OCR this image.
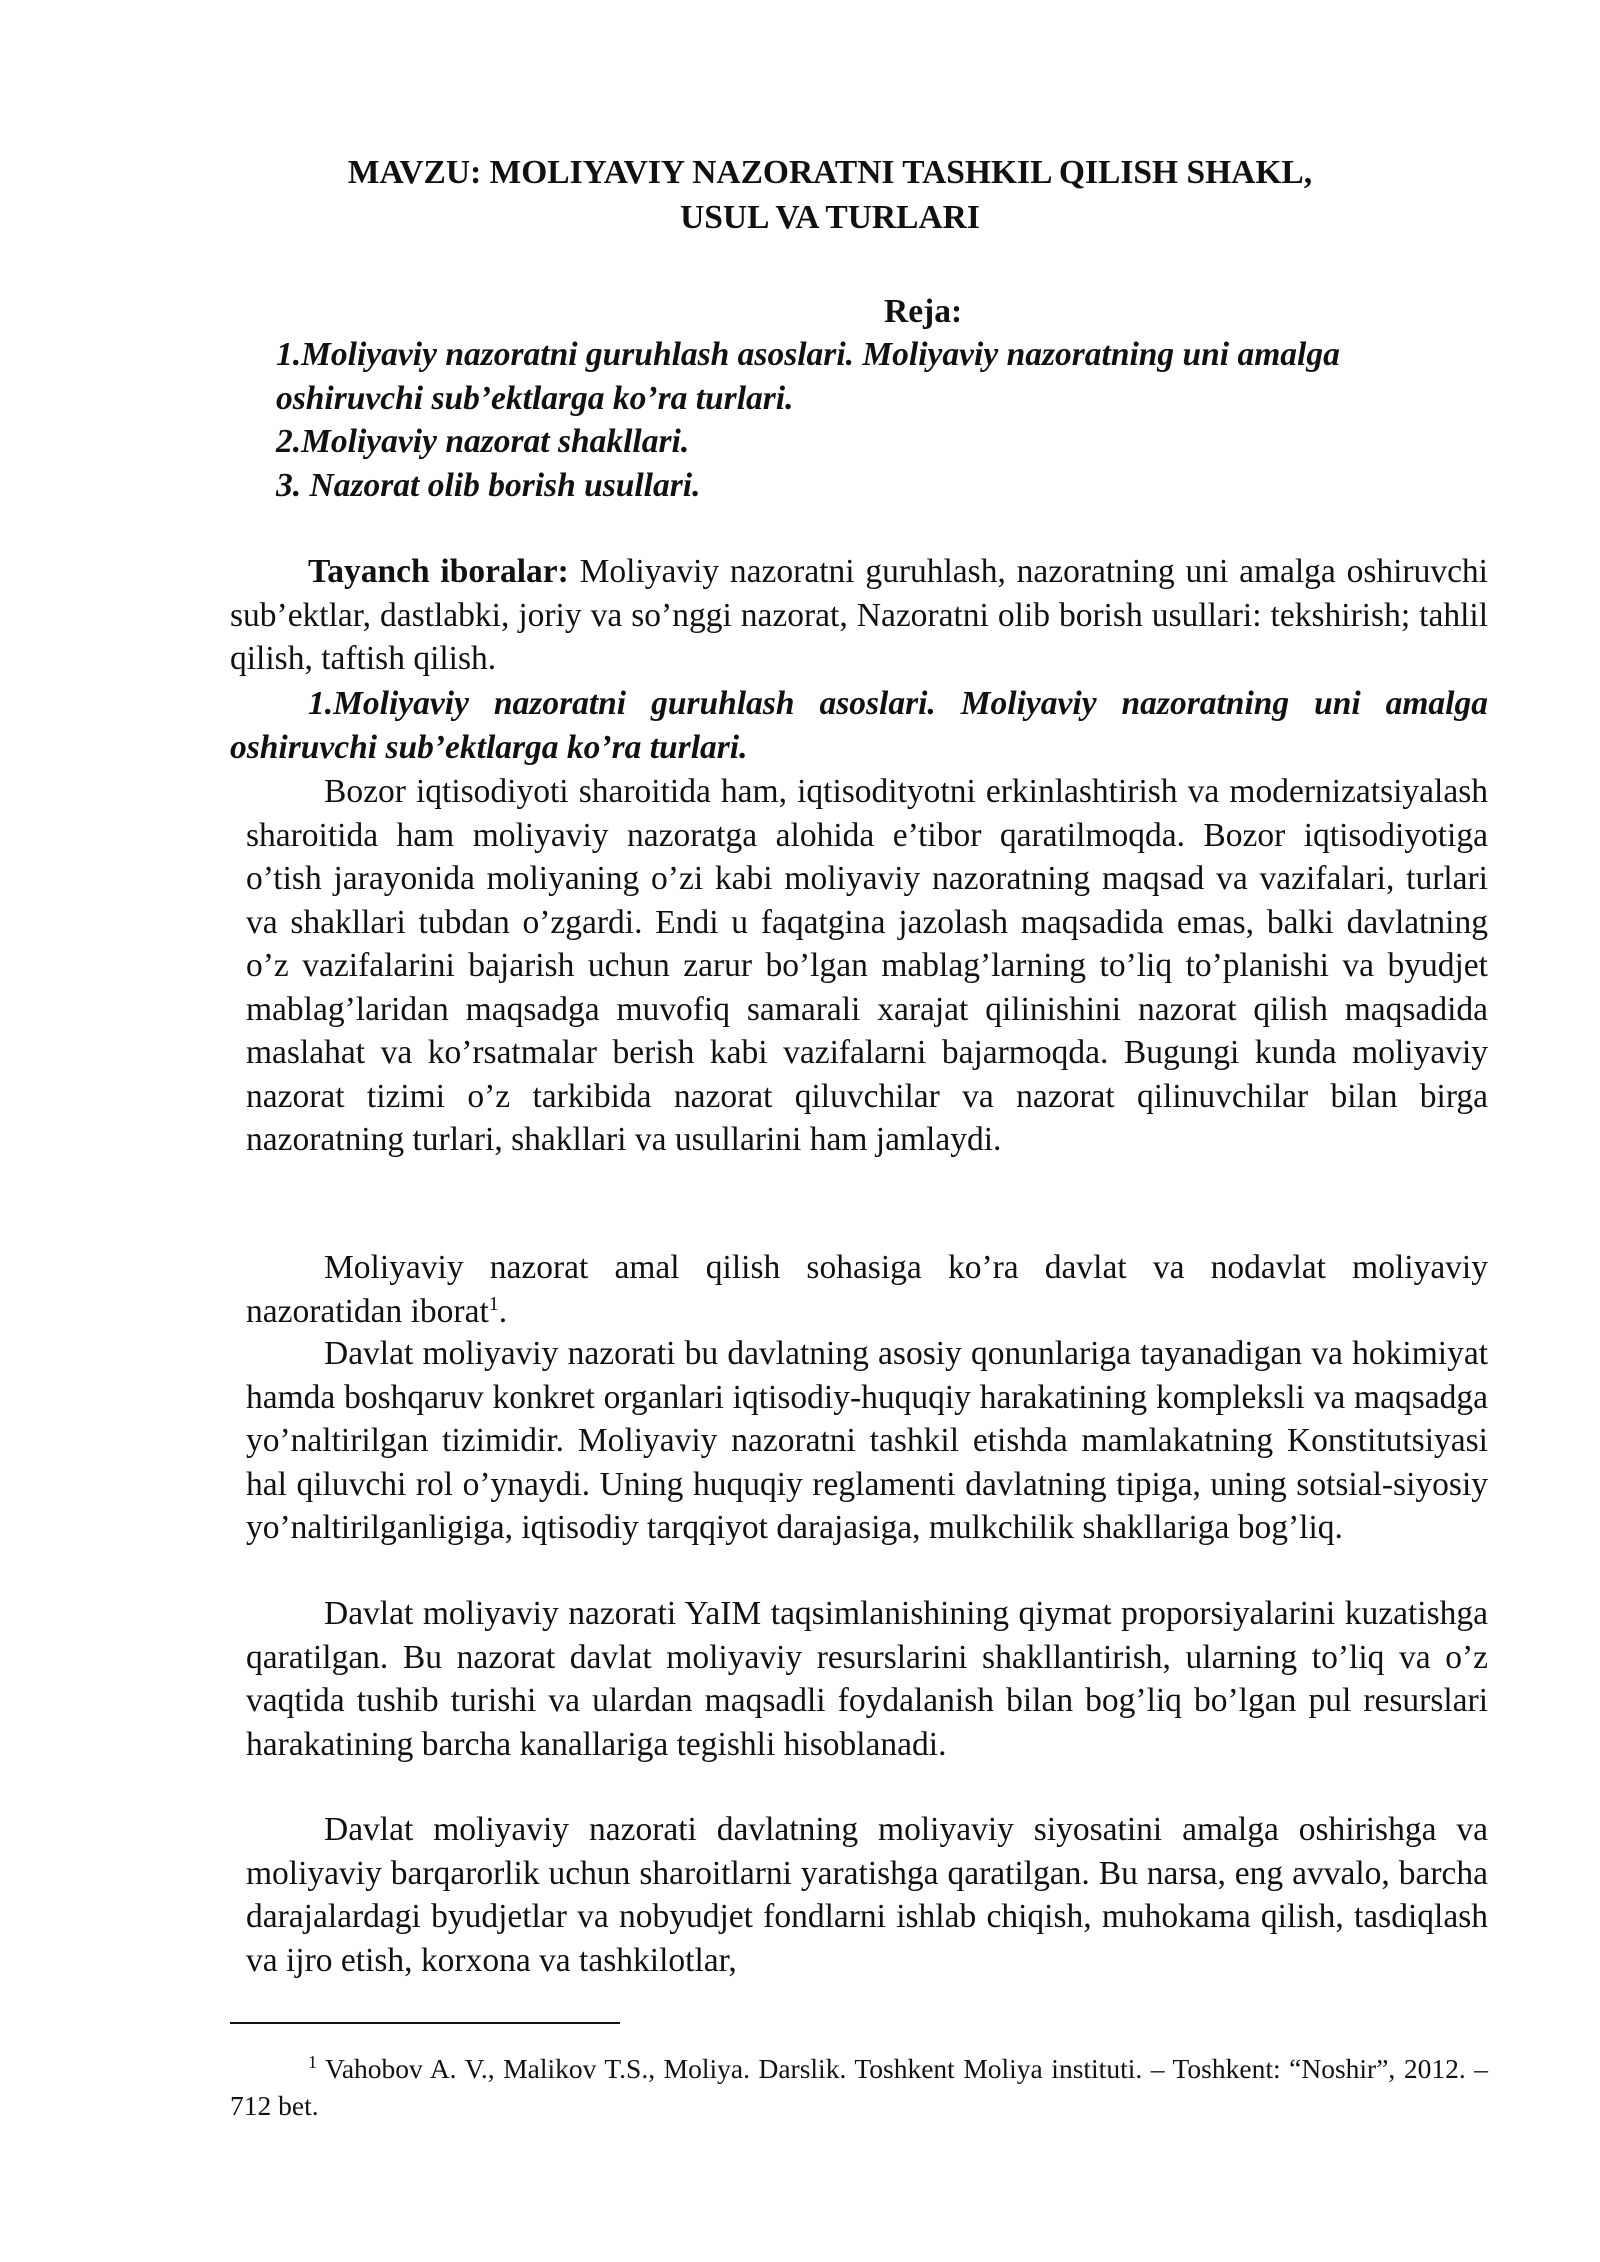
MAVZU: MOLIYAVIY NAZORATNI TASHKIL QILISH SHAKL,
USUL VA TURLARI
Reja:
1.Moliyaviy nazoratni guruhlash asoslari. Moliyaviy nazoratning uni amalga oshiruvchi sub’ektlarga ko’ra turlari.
2.Moliyaviy nazorat shakllari.
3. Nazorat olib borish usullari.

Tayanch iboralar: Moliyaviy nazoratni guruhlash, nazoratning uni amalga oshiruvchi sub’ektlar, dastlabki, joriy va so’nggi nazorat, Nazoratni olib borish usullari: tekshirish; tahlil qilish, taftish qilish.

1.Moliyaviy nazoratni guruhlash asoslari. Moliyaviy nazoratning uni amalga oshiruvchi sub’ektlarga ko’ra turlari.

Bozor iqtisodiyoti sharoitida ham, iqtisodityotni erkinlashtirish va modernizatsiyalash sharoitida ham moliyaviy nazoratga alohida e’tibor qaratilmoqda. Bozor iqtisodiyotiga o’tish jarayonida moliyaning o’zi kabi moliyaviy nazoratning maqsad va vazifalari, turlari va shakllari tubdan o’zgardi. Endi u faqatgina jazolash maqsadida emas, balki davlatning o’z vazifalarini bajarish uchun zarur bo’lgan mablag’larning to’liq to’planishi va byudjet mablag’laridan maqsadga muvofiq samarali xarajat qilinishini nazorat qilish maqsadida maslahat va ko’rsatmalar berish kabi vazifalarni bajarmoqda. Bugungi kunda moliyaviy nazorat tizimi o’z tarkibida nazorat qiluvchilar va nazorat qilinuvchilar bilan birga nazoratning turlari, shakllari va usullarini ham jamlaydi.

Moliyaviy nazorat amal qilish sohasiga ko’ra davlat va nodavlat moliyaviy nazoratidan iborat$^1$.

Davlat moliyaviy nazorati bu davlatning asosiy qonunlariga tayanadigan va hokimiyat hamda boshqaruv konkret organlari iqtisodiy-huquqiy harakatining kompleksli va maqsadga yo’naltirilgan tizimidir. Moliyaviy nazoratni tashkil etishda mamlakatning Konstitutsiyasi hal qiluvchi rol o’ynaydi. Uning huquqiy reglamenti davlatning tipiga, uning sotsial-siyosiy yo’naltirilganligiga, iqtisodiy tarqqiyot darajasiga, mulkchilik shakllariga bog’liq.

Davlat moliyaviy nazorati YaIM taqsimlanishining qiymat proporsiyalarini kuzatishga qaratilgan. Bu nazorat davlat moliyaviy resurslarini shakllantirish, ularning to’liq va o’z vaqtida tushib turishi va ulardan maqsadli foydalanish bilan bog’liq bo’lgan pul resurslari harakatining barcha kanallariga tegishli hisoblanadi.

Davlat moliyaviy nazorati davlatning moliyaviy siyosatini amalga oshirishga va moliyaviy barqarorlik uchun sharoitlarni yaratishga qaratilgan. Bu narsa, eng avvalo, barcha darajalardagi byudjetlar va nobyudjet fondlarni ishlab chiqish, muhokama qilish, tasdiqlash va ijro etish, korxona va tashkilotlar,

$^1$ Vahobov A. V., Malikov T.S., Moliya. Darslik. Toshkent Moliya instituti. – Toshkent: “Noshir”, 2012. – 712 bet.
